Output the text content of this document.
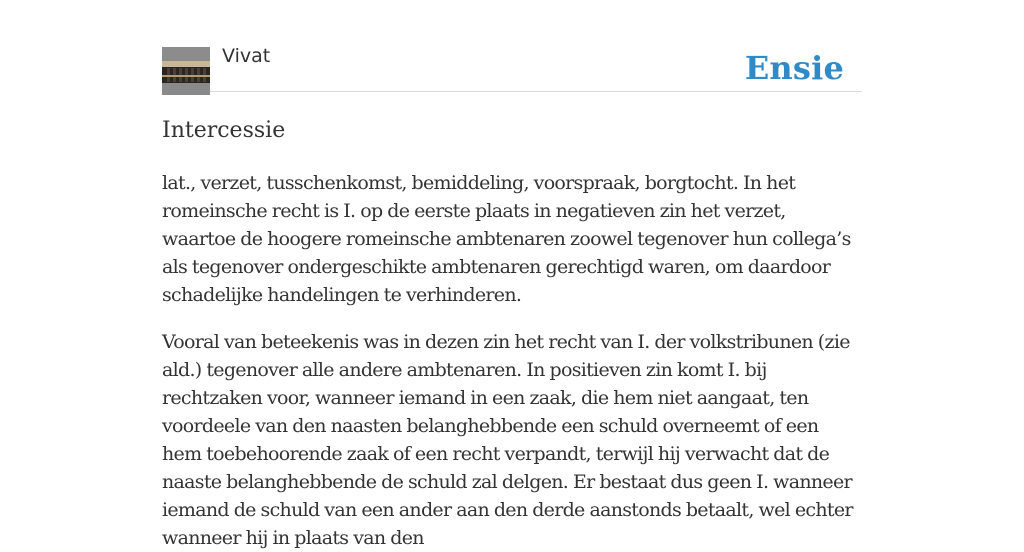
Vivat	Ensie
Intercessie

lat., verzet, tusschenkomst, bemiddeling, voorspraak, borgtocht. In het romeinsche recht is I. op de eerste plaats in negatieven zin het verzet, waartoe de hoogere romeinsche ambtenaren zoowel tegenover hun collega’s als tegenover ondergeschikte ambtenaren gerechtigd waren, om daardoor schadelijke handelingen te verhinderen.

Vooral van beteekenis was in dezen zin het recht van I. der volkstribunen (zie ald.) tegenover alle andere ambtenaren. In positieven zin komt I. bij rechtzaken voor, wanneer iemand in een zaak, die hem niet aangaat, ten voordeele van den naasten belanghebbende een schuld overneemt of een hem toebehoorende zaak of een recht verpandt, terwijl hij verwacht dat de naaste belanghebbende de schuld zal delgen. Er bestaat dus geen I. wanneer iemand de schuld van een ander aan den derde aanstonds betaalt, wel echter wanneer hij in plaats van den
